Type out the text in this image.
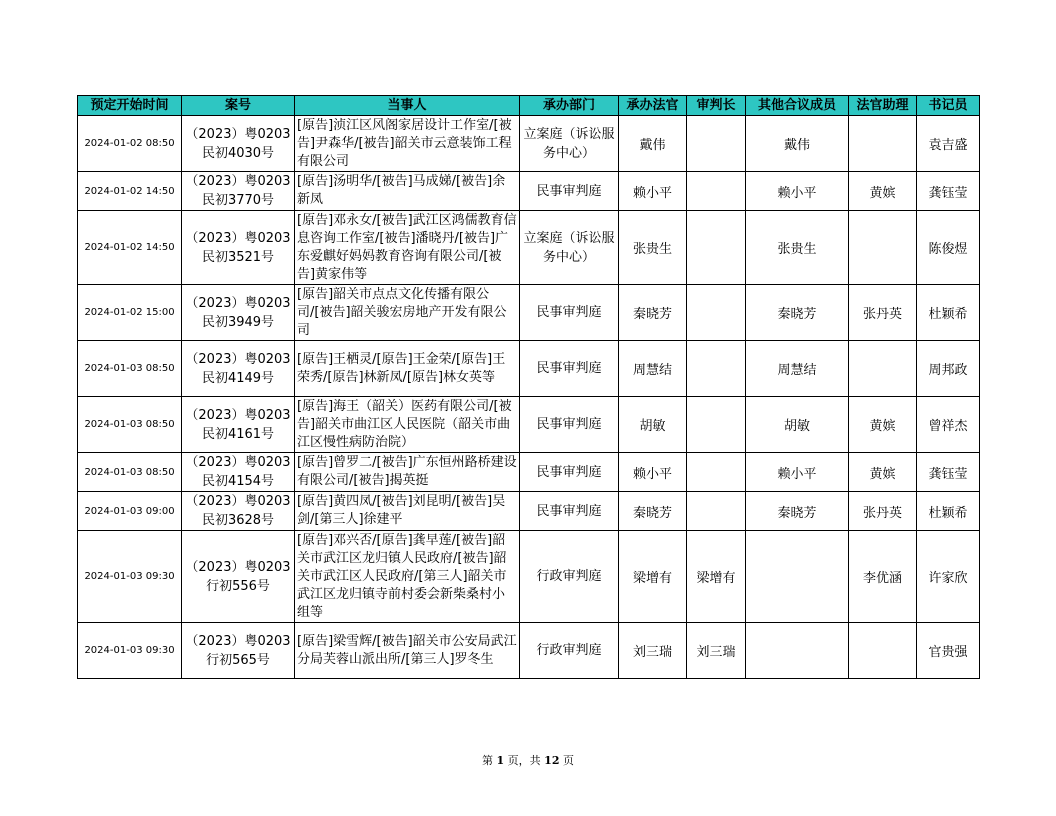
预定开始时间	案号	当事人	承办部门	承办法官	审判长	其他合议成员	法官助理	书记员
2024-01-02 08:50	（2023）粤0203民初4030号	[原告]浈江区风阁家居设计工作室/[被告]尹森华/[被告]韶关市云意装饰工程有限公司	立案庭（诉讼服务中心）	戴伟		戴伟		袁吉盛
2024-01-02 14:50	（2023）粤0203民初3770号	[原告]汤明华/[被告]马成娣/[被告]余新凤	民事审判庭	赖小平		赖小平	黄嫔	龚钰莹
2024-01-02 14:50	（2023）粤0203民初3521号	[原告]邓永女/[被告]武江区鸿儒教育信息咨询工作室/[被告]潘晓丹/[被告]广东爱麒好妈妈教育咨询有限公司/[被告]黄家伟等	立案庭（诉讼服务中心）	张贵生		张贵生		陈俊煜
2024-01-02 15:00	（2023）粤0203民初3949号	[原告]韶关市点点文化传播有限公司/[被告]韶关骏宏房地产开发有限公司	民事审判庭	秦晓芳		秦晓芳	张丹英	杜颖希
2024-01-03 08:50	（2023）粤0203民初4149号	[原告]王栖灵/[原告]王金荣/[原告]王荣秀/[原告]林新凤/[原告]林女英等	民事审判庭	周慧结		周慧结		周邦政
2024-01-03 08:50	（2023）粤0203民初4161号	[原告]海王（韶关）医药有限公司/[被告]韶关市曲江区人民医院（韶关市曲江区慢性病防治院）	民事审判庭	胡敏		胡敏	黄嫔	曾祥杰
2024-01-03 08:50	（2023）粤0203民初4154号	[原告]曾罗二/[被告]广东恒州路桥建设有限公司/[被告]揭英挺	民事审判庭	赖小平		赖小平	黄嫔	龚钰莹
2024-01-03 09:00	（2023）粤0203民初3628号	[原告]黄四凤/[被告]刘昆明/[被告]吴剑/[第三人]徐建平	民事审判庭	秦晓芳		秦晓芳	张丹英	杜颖希
2024-01-03 09:30	（2023）粤0203行初556号	[原告]邓兴否/[原告]龚早莲/[被告]韶关市武江区龙归镇人民政府/[被告]韶关市武江区人民政府/[第三人]韶关市武江区龙归镇寺前村委会新柴桑村小组等	行政审判庭	梁增有	梁增有		李优涵	许家欣
2024-01-03 09:30	（2023）粤0203行初565号	[原告]梁雪辉/[被告]韶关市公安局武江分局芙蓉山派出所/[第三人]罗冬生	行政审判庭	刘三瑞	刘三瑞			官贵强
第 1 页，共 12 页
